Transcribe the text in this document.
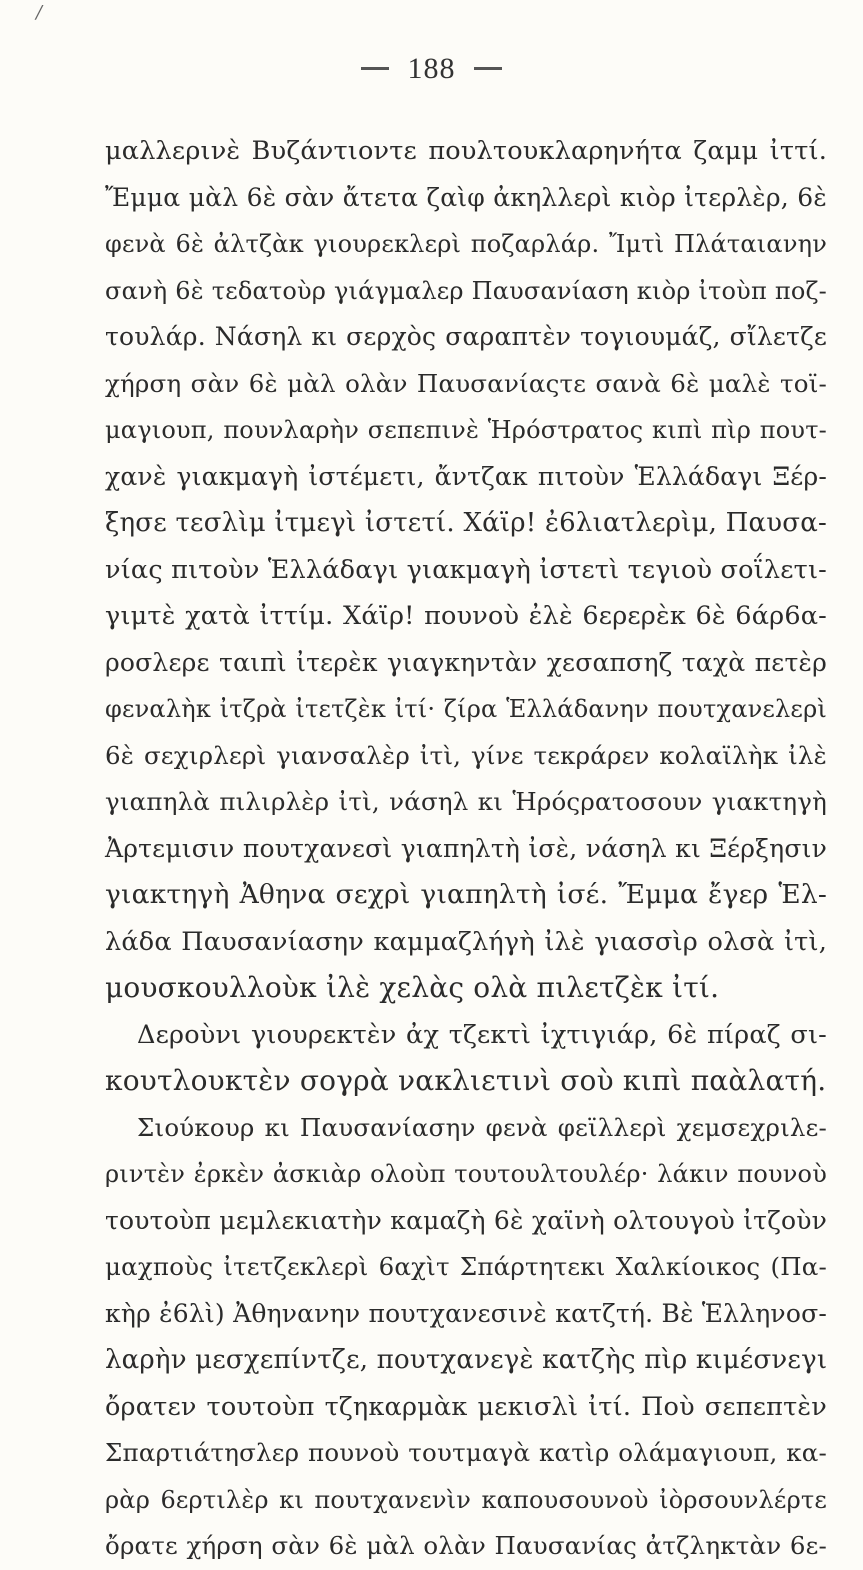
/
188
μαλλερινὲ Βυζάντιοντε πουλτουκλαρηνήτα ζαμμ ἰττί.
Ἔμμα μὰλ 6ὲ σὰν ἄτετα ζαὶφ ἀκηλλερὶ κιὸρ ἰτερλὲρ, 6ὲ
φενὰ 6ὲ ἀλτζὰκ γιουρεκλερὶ ποζαρλάρ. Ἴμτὶ Πλάταιανην
σανὴ 6ὲ τεδατοὺρ γιάγμαλερ Παυσανίαση κιὸρ ἰτοὺπ ποζ-
τουλάρ. Νάσηλ κι σερχὸς σαραπτὲν τογιουμάζ, σἴλετζε
χήρση σὰν 6ὲ μὰλ ολὰν Παυσανίαςτε σανὰ 6ὲ μαλὲ τοϊ-
μαγιουπ, πουνλαρὴν σεπεπινὲ Ἡρόστρατος κιπὶ πὶρ πουτ-
χανὲ γιακμαγὴ ἰστέμετι, ἄντζακ πιτοὺν Ἑλλάδαγι Ξέρ-
ξησε τεσλὶμ ἰτμεγὶ ἰστετί. Χάϊρ! ἐ6λιατλερὶμ, Παυσα-
νίας πιτοὺν Ἑλλάδαγι γιακμαγὴ ἰστετὶ τεγιοὺ σοΐλετι-
γιμτὲ χατὰ ἰττίμ. Χάϊρ! πουνοὺ ἐλὲ 6ερερὲκ 6ὲ 6άρ6α-
ροσλερε ταιπὶ ἰτερὲκ γιαγκηντὰν χεσαπσηζ ταχὰ πετὲρ
φεναλὴκ ἰτζρὰ ἰτετζὲκ ἰτί· ζίρα Ἑλλάδανην πουτχανελερὶ
6ὲ σεχιρλερὶ γιανσαλὲρ ἰτὶ, γίνε τεκράρεν κολαϊλὴκ ἰλὲ
γιαπηλὰ πιλιρλὲρ ἰτὶ, νάσηλ κι Ἡρόςρατοσουν γιακτηγὴ
Ἀρτεμισιν πουτχανεσὶ γιαπηλτὴ ἰσὲ, νάσηλ κι Ξέρξησιν
γιακτηγὴ Ἀθηνα σεχρὶ γιαπηλτὴ ἰσέ. Ἔμμα ἔγερ Ἑλ-
λάδα Παυσανίασην καμμαζλήγὴ ἰλὲ γιασσὶρ ολσὰ ἰτὶ,
μουσκουλλοὺκ ἰλὲ χελὰς ολὰ πιλετζὲκ ἰτί.
Δεροὺνι γιουρεκτὲν ἀχ τζεκτὶ ἰχτιγιάρ, 6ὲ πίραζ σι-
κουτλουκτὲν σογρὰ νακλιετινὶ σοὺ κιπὶ παὰλατή.
Σιούκουρ κι Παυσανίασην φενὰ φεϊλλερὶ χεμσεχριλε-
ριντὲν ἐρκὲν ἀσκιὰρ ολοὺπ τουτουλτουλέρ· λάκιν πουνοὺ
τουτοὺπ μεμλεκιατὴν καμαζὴ 6ὲ χαϊνὴ ολτουγοὺ ἰτζοὺν
μαχποὺς ἰτετζεκλερὶ 6αχὶτ Σπάρτητεκι Χαλκίοικος (Πα-
κὴρ ἐ6λὶ) Ἀθηνανην πουτχανεσινὲ κατζτή. Βὲ Ἑλληνοσ-
λαρὴν μεσχεπίντζε, πουτχανεγὲ κατζὴς πὶρ κιμέσνεγι
ὄρατεν τουτοὺπ τζηκαρμὰκ μεκισλὶ ἰτί. Ποὺ σεπεπτὲν
Σπαρτιάτησλερ πουνοὺ τουτμαγὰ κατὶρ ολάμαγιουπ, κα-
ρὰρ 6ερτιλὲρ κι πουτχανενὶν καπουσουνοὺ ἰὸρσουνλέρτε
ὄρατε χήρση σὰν 6ὲ μὰλ ολὰν Παυσανίας ἀτζληκτὰν 6ε-
